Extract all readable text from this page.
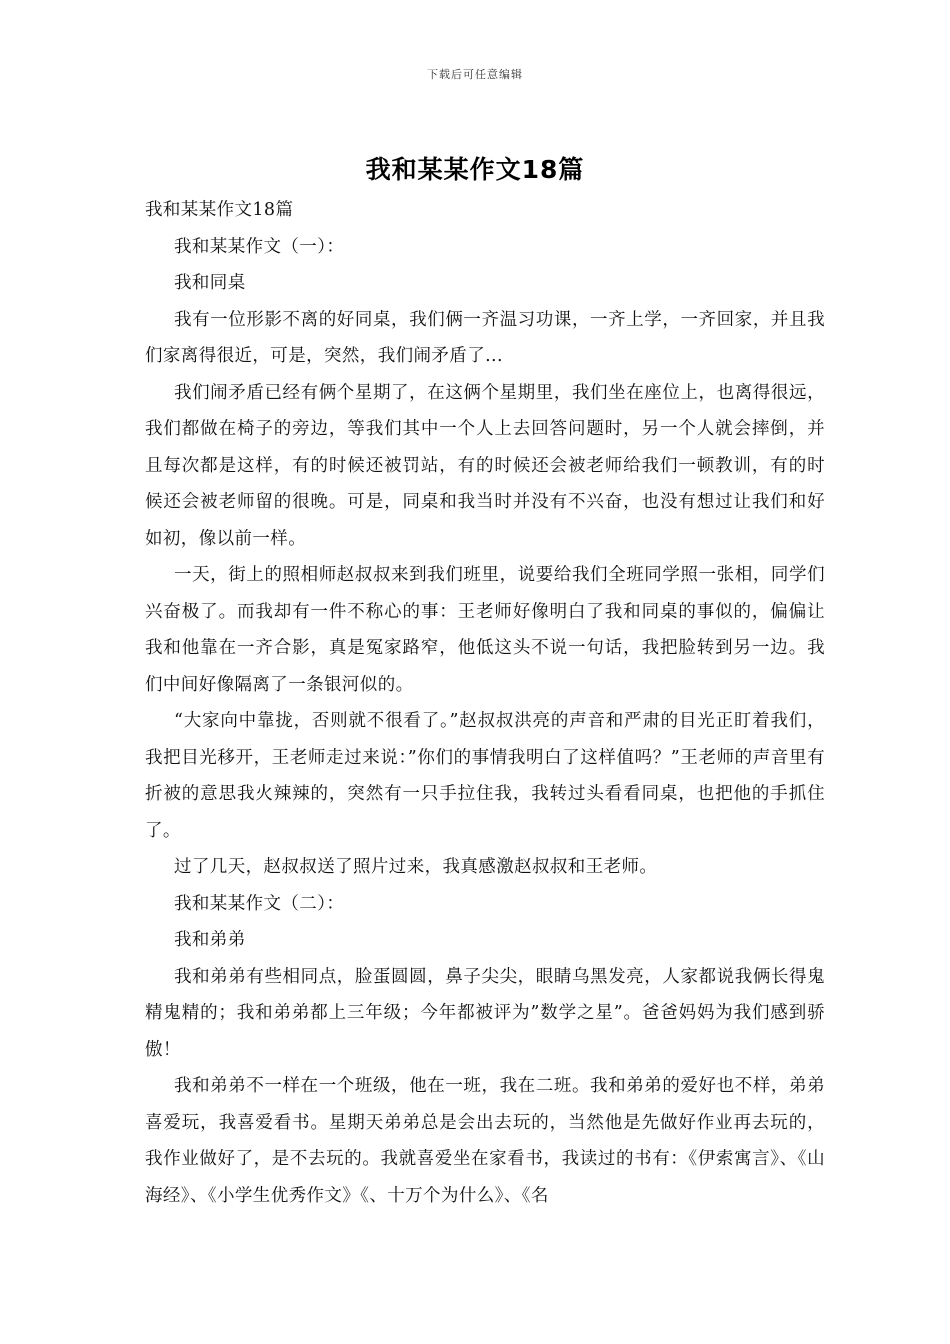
下载后可任意编辑
我和某某作文18篇

我和某某作文18篇

我和某某作文（一）：

我和同桌

我有一位形影不离的好同桌，我们俩一齐温习功课，一齐上学，一齐回家，并且我们家离得很近，可是，突然，我们闹矛盾了...

我们闹矛盾已经有俩个星期了，在这俩个星期里，我们坐在座位上，也离得很远，我们都做在椅子的旁边，等我们其中一个人上去回答问题时，另一个人就会摔倒，并且每次都是这样，有的时候还被罚站，有的时候还会被老师给我们一顿教训，有的时候还会被老师留的很晚。可是，同桌和我当时并没有不兴奋，也没有想过让我们和好如初，像以前一样。

一天，街上的照相师赵叔叔来到我们班里，说要给我们全班同学照一张相，同学们兴奋极了。而我却有一件不称心的事：王老师好像明白了我和同桌的事似的，偏偏让我和他靠在一齐合影，真是冤家路窄，他低这头不说一句话，我把脸转到另一边。我们中间好像隔离了一条银河似的。

“大家向中靠拢，否则就不很看了。”赵叔叔洪亮的声音和严肃的目光正盯着我们，我把目光移开，王老师走过来说：”你们的事情我明白了这样值吗？”王老师的声音里有折被的意思我火辣辣的，突然有一只手拉住我，我转过头看看同桌，也把他的手抓住了。

过了几天，赵叔叔送了照片过来，我真感激赵叔叔和王老师。

我和某某作文（二）：

我和弟弟

我和弟弟有些相同点，脸蛋圆圆，鼻子尖尖，眼睛乌黑发亮，人家都说我俩长得鬼精鬼精的；我和弟弟都上三年级；今年都被评为”数学之星”。爸爸妈妈为我们感到骄傲！

我和弟弟不一样在一个班级，他在一班，我在二班。我和弟弟的爱好也不样，弟弟喜爱玩，我喜爱看书。星期天弟弟总是会出去玩的，当然他是先做好作业再去玩的，我作业做好了，是不去玩的。我就喜爱坐在家看书，我读过的书有：《伊索寓言》、《山海经》、《小学生优秀作文》《、十万个为什么》、《名
